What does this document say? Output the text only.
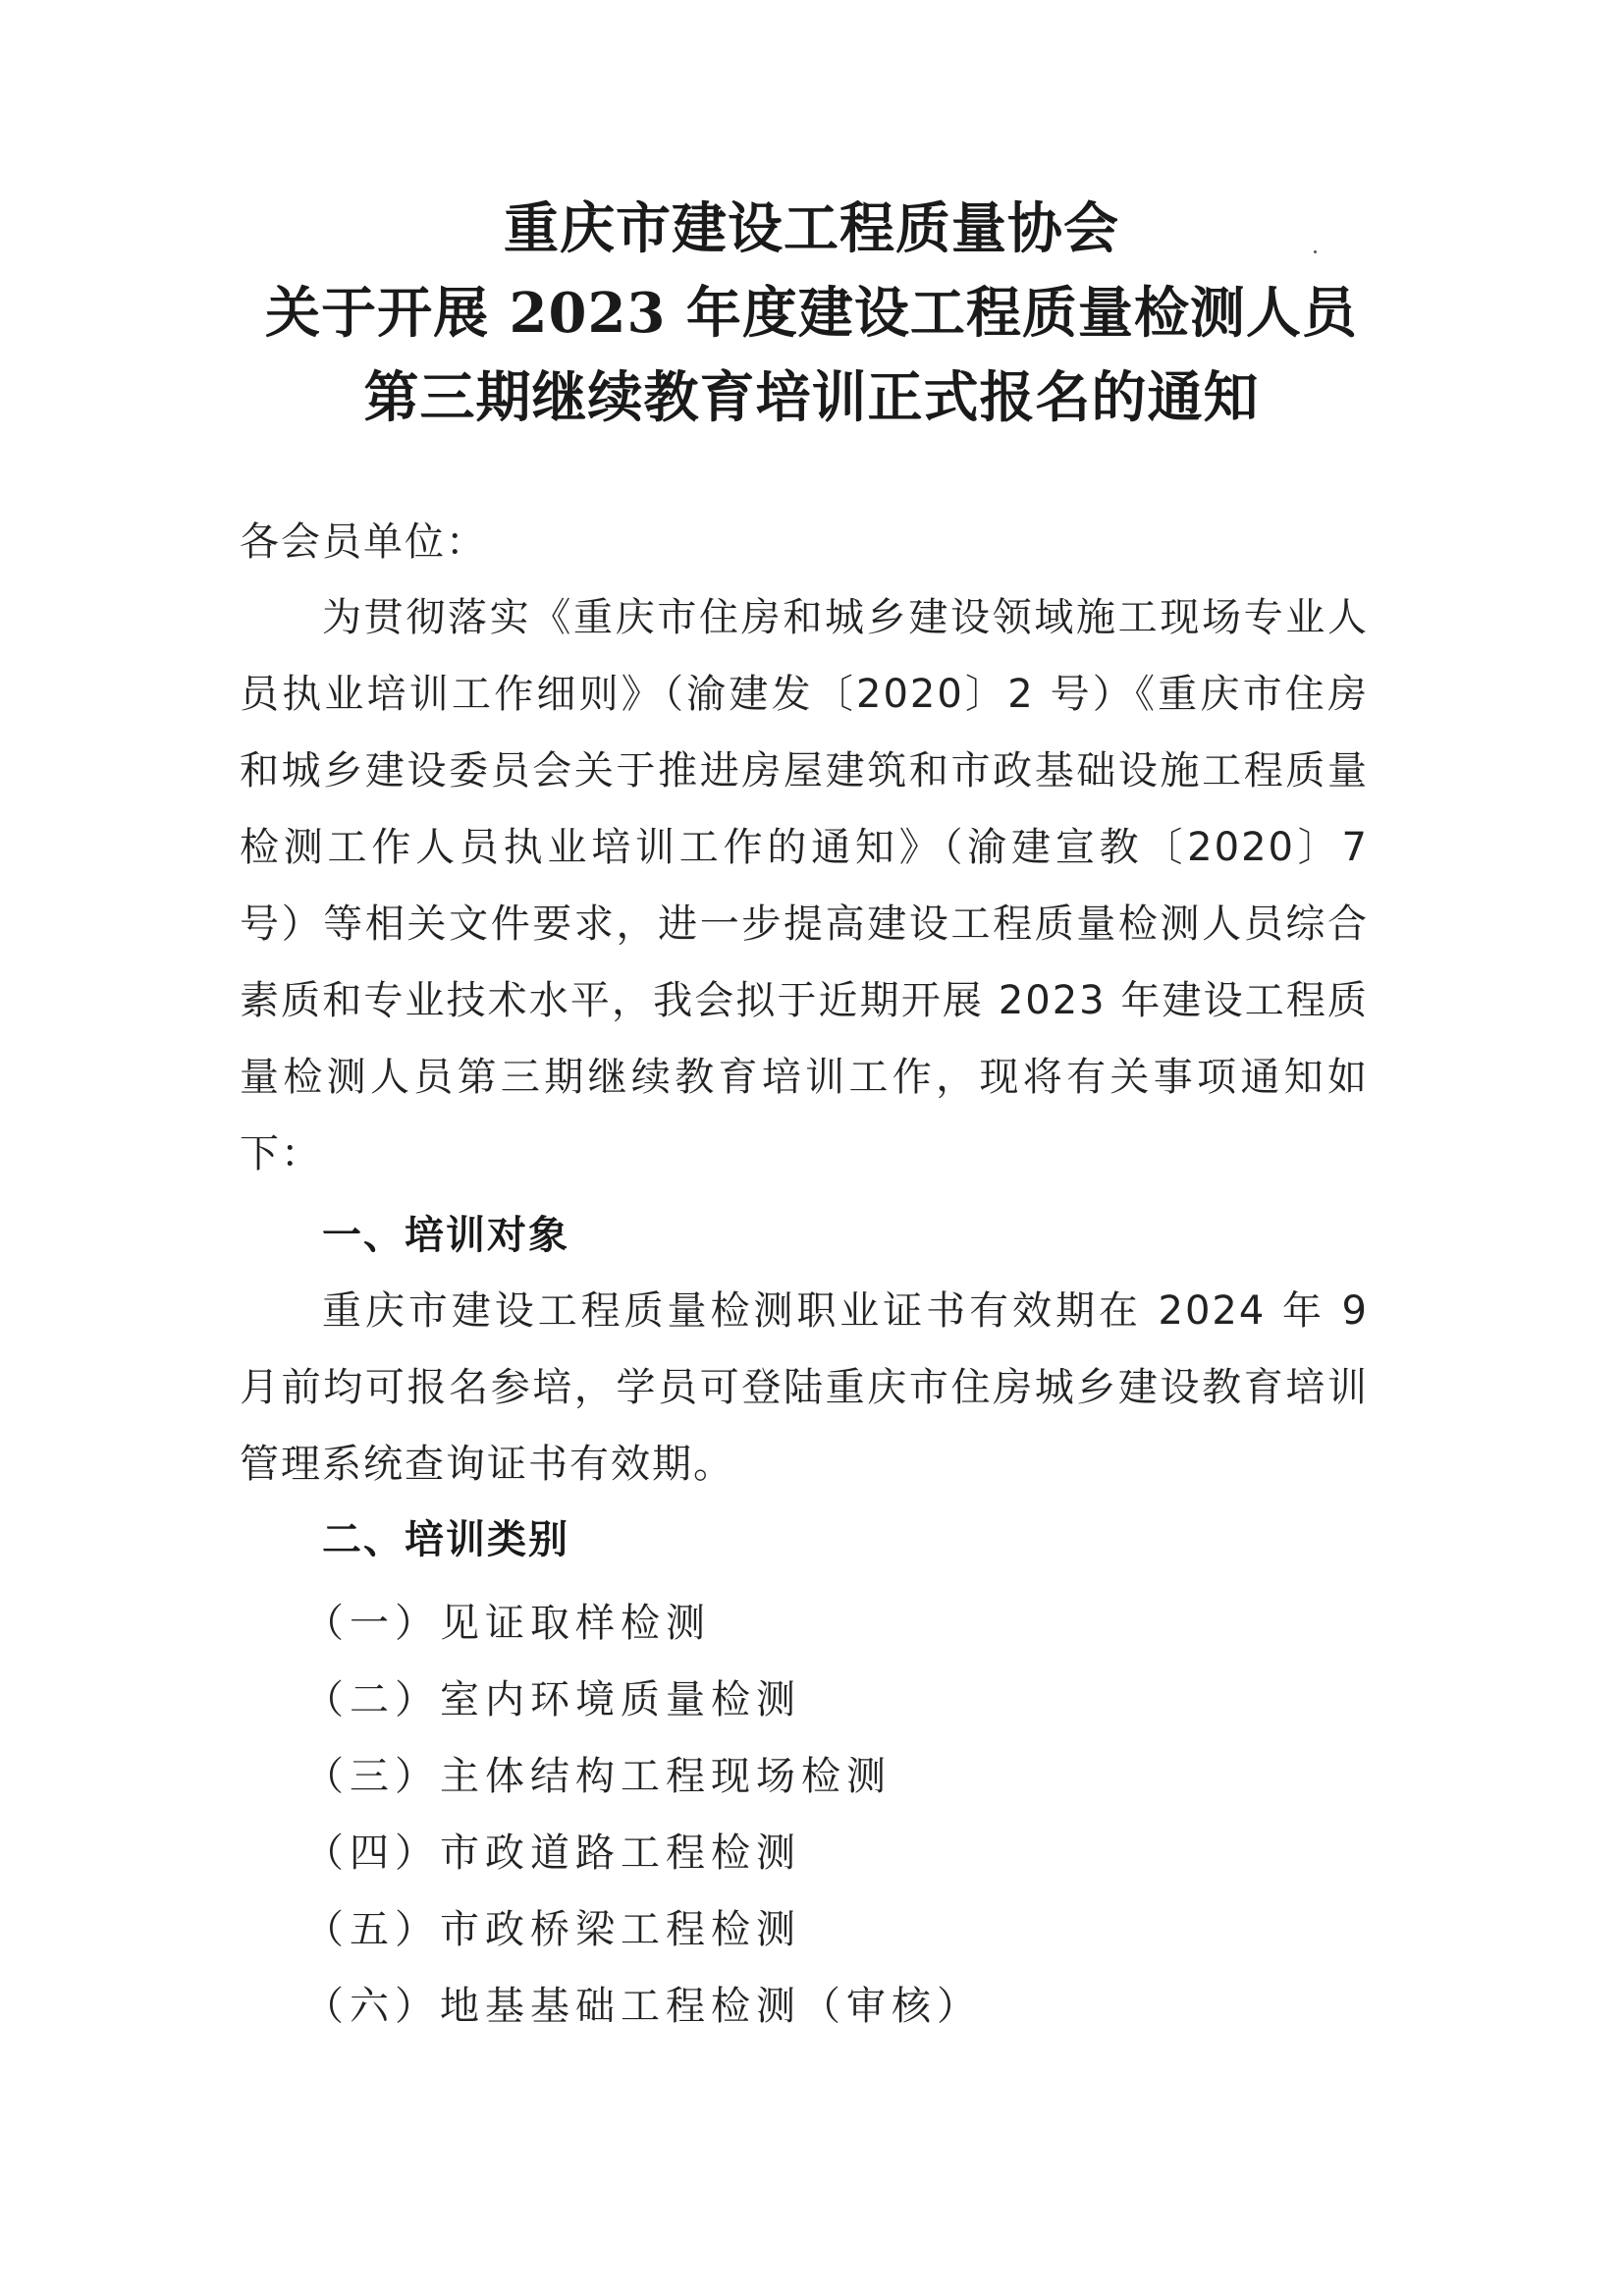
重庆市建设工程质量协会
关于开展 2023 年度建设工程质量检测人员
第三期继续教育培训正式报名的通知
各会员单位：

为贯彻落实《重庆市住房和城乡建设领域施工现场专业人员执业培训工作细则》（渝建发〔2020〕2 号）《重庆市住房和城乡建设委员会关于推进房屋建筑和市政基础设施工程质量检测工作人员执业培训工作的通知》（渝建宣教〔2020〕7 号）等相关文件要求，进一步提高建设工程质量检测人员综合素质和专业技术水平，我会拟于近期开展 2023 年建设工程质量检测人员第三期继续教育培训工作，现将有关事项通知如下：

一、培训对象

重庆市建设工程质量检测职业证书有效期在 2024 年 9 月前均可报名参培，学员可登陆重庆市住房城乡建设教育培训管理系统查询证书有效期。

二、培训类别
（一）见证取样检测
（二）室内环境质量检测
（三）主体结构工程现场检测
（四）市政道路工程检测
（五）市政桥梁工程检测
（六）地基基础工程检测（审核）
